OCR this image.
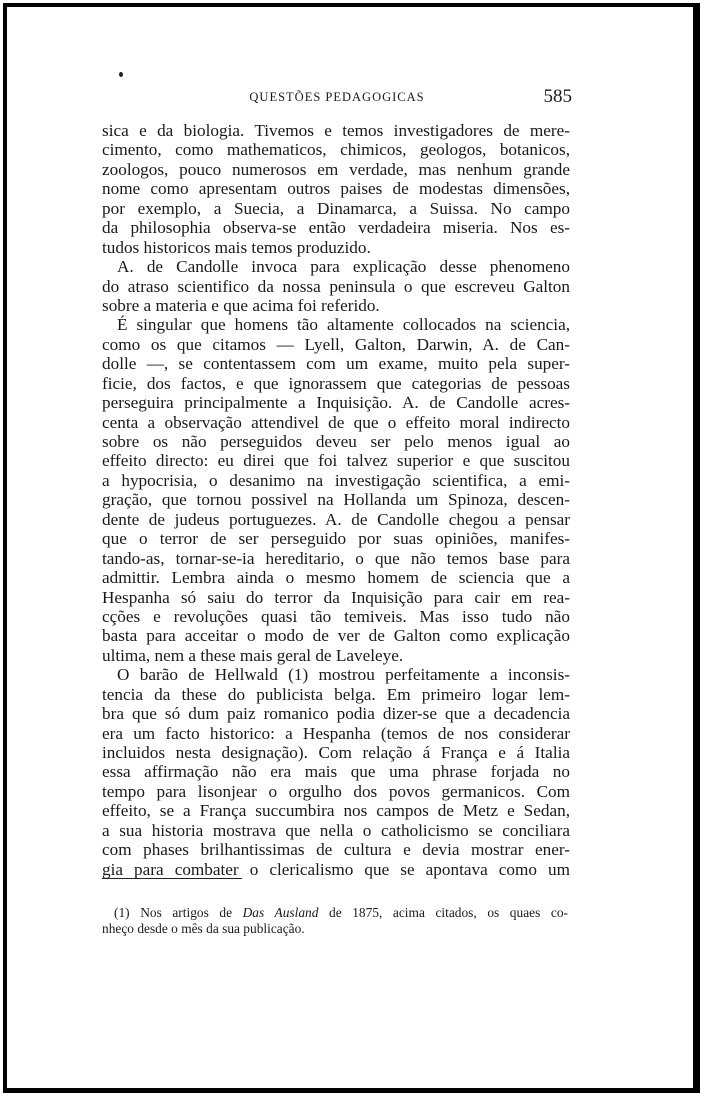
QUESTÕES PEDAGOGICAS	585
sica e da biologia. Tivemos e temos investigadores de mere-
cimento, como mathematicos, chimicos, geologos, botanicos,
zoologos, pouco numerosos em verdade, mas nenhum grande
nome como apresentam outros paises de modestas dimensões,
por exemplo, a Suecia, a Dinamarca, a Suissa. No campo
da philosophia observa-se então verdadeira miseria. Nos es-
tudos historicos mais temos produzido.
A. de Candolle invoca para explicação desse phenomeno
do atraso scientifico da nossa peninsula o que escreveu Galton
sobre a materia e que acima foi referido.
É singular que homens tão altamente collocados na sciencia,
como os que citamos — Lyell, Galton, Darwin, A. de Can-
dolle —, se contentassem com um exame, muito pela super-
ficie, dos factos, e que ignorassem que categorias de pessoas
perseguira principalmente a Inquisição. A. de Candolle acres-
centa a observação attendivel de que o effeito moral indirecto
sobre os não perseguidos deveu ser pelo menos igual ao
effeito directo: eu direi que foi talvez superior e que suscitou
a hypocrisia, o desanimo na investigação scientifica, a emi-
gração, que tornou possivel na Hollanda um Spinoza, descen-
dente de judeus portuguezes. A. de Candolle chegou a pensar
que o terror de ser perseguido por suas opiniões, manifes-
tando-as, tornar-se-ia hereditario, o que não temos base para
admittir. Lembra ainda o mesmo homem de sciencia que a
Hespanha só saiu do terror da Inquisição para cair em rea-
cções e revoluções quasi tão temiveis. Mas isso tudo não
basta para acceitar o modo de ver de Galton como explicação
ultima, nem a these mais geral de Laveleye.
O barão de Hellwald (1) mostrou perfeitamente a inconsis-
tencia da these do publicista belga. Em primeiro logar lem-
bra que só dum paiz romanico podia dizer-se que a decadencia
era um facto historico: a Hespanha (temos de nos considerar
incluidos nesta designação). Com relação á França e á Italia
essa affirmação não era mais que uma phrase forjada no
tempo para lisonjear o orgulho dos povos germanicos. Com
effeito, se a França succumbira nos campos de Metz e Sedan,
a sua historia mostrava que nella o catholicismo se conciliara
com phases brilhantissimas de cultura e devia mostrar ener-
gia para combater o clericalismo que se apontava como um
(1) Nos artigos de Das Ausland de 1875, acima citados, os quaes co-
nheço desde o mês da sua publicação.
